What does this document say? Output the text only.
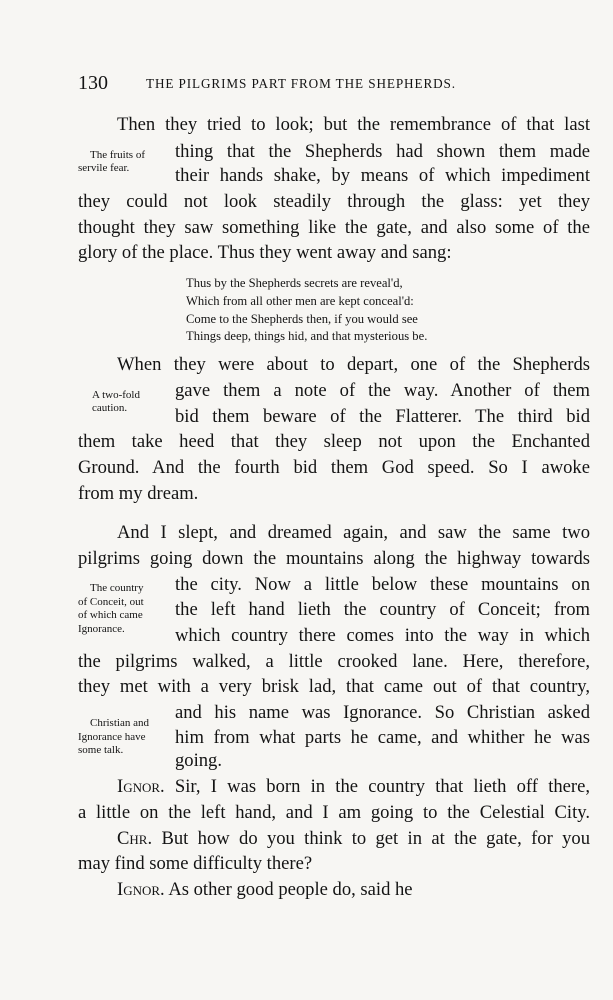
130	THE PILGRIMS PART FROM THE SHEPHERDS.
Then they tried to look; but the remembrance of that last
thing that the Shepherds had shown them made
their hands shake, by means of which impediment
they could not look steadily through the glass: yet they
thought they saw something like the gate, and also some of the
glory of the place. Thus they went away and sang:
Thus by the Shepherds secrets are reveal'd,
Which from all other men are kept conceal'd:
Come to the Shepherds then, if you would see
Things deep, things hid, and that mysterious be.
When they were about to depart, one of the Shepherds
gave them a note of the way. Another of them
bid them beware of the Flatterer. The third bid
them take heed that they sleep not upon the Enchanted
Ground. And the fourth bid them God speed. So I awoke
from my dream.
And I slept, and dreamed again, and saw the same two
pilgrims going down the mountains along the highway towards
the city. Now a little below these mountains on
the left hand lieth the country of Conceit; from
which country there comes into the way in which
the pilgrims walked, a little crooked lane. Here, therefore,
they met with a very brisk lad, that came out of that country,
and his name was Ignorance. So Christian asked
him from what parts he came, and whither he was
going.
Ignor. Sir, I was born in the country that lieth off there,
a little on the left hand, and I am going to the Celestial City.
Chr. But how do you think to get in at the gate, for you
may find some difficulty there?
Ignor. As other good people do, said he
The fruits of
servile fear.
A two-fold
caution.
The country
of Conceit, out
of which came
Ignorance.
Christian and
Ignorance have
some talk.
